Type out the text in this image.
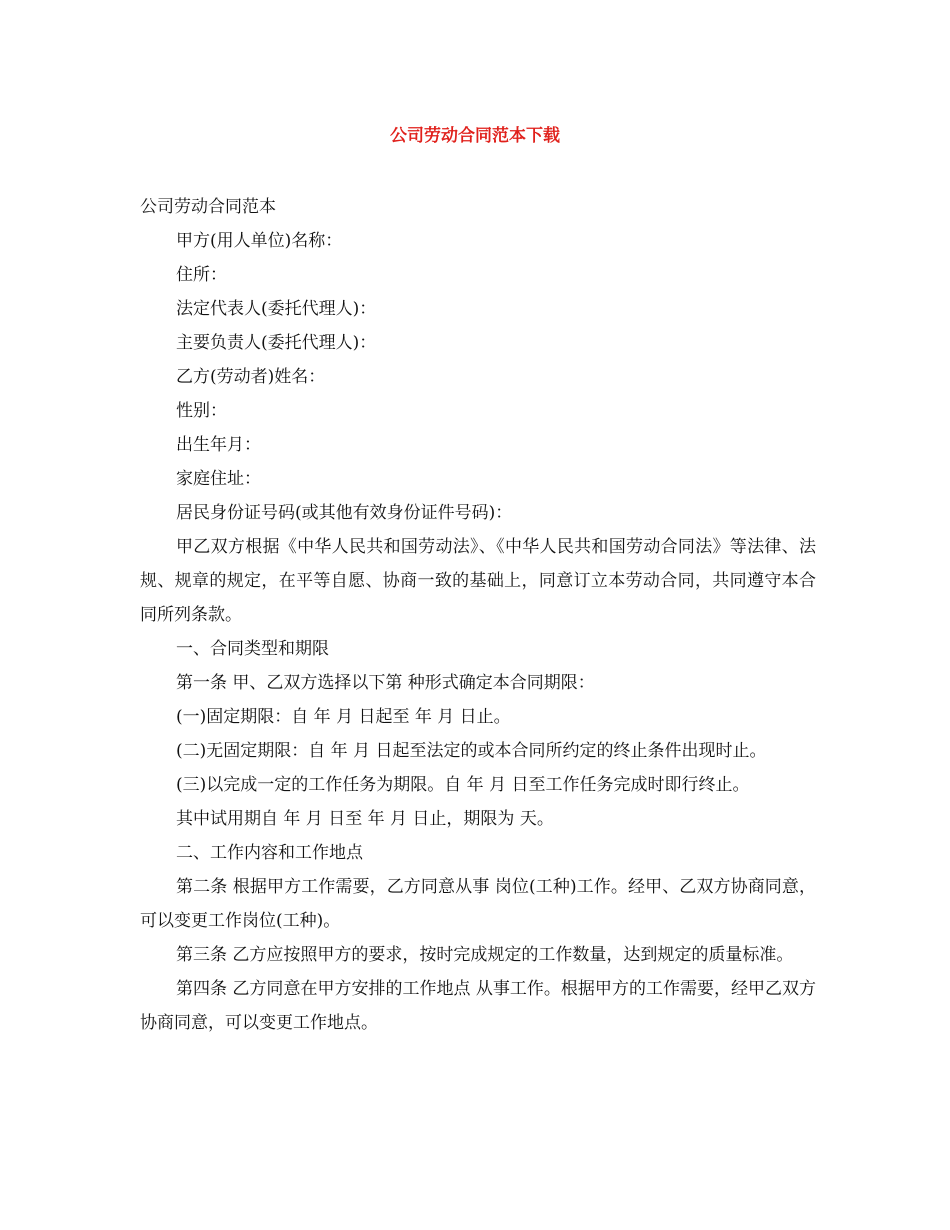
公司劳动合同范本下载

公司劳动合同范本

甲方(用人单位)名称：

住所：

法定代表人(委托代理人)：

主要负责人(委托代理人)：

乙方(劳动者)姓名：

性别：

出生年月：

家庭住址：

居民身份证号码(或其他有效身份证件号码)：

甲乙双方根据《中华人民共和国劳动法》、《中华人民共和国劳动合同法》等法律、法规、规章的规定，在平等自愿、协商一致的基础上，同意订立本劳动合同，共同遵守本合同所列条款。

一、合同类型和期限

第一条 甲、乙双方选择以下第 种形式确定本合同期限：

(一)固定期限：自 年 月 日起至 年 月 日止。

(二)无固定期限：自 年 月 日起至法定的或本合同所约定的终止条件出现时止。

(三)以完成一定的工作任务为期限。自 年 月 日至工作任务完成时即行终止。

其中试用期自 年 月 日至 年 月 日止，期限为 天。

二、工作内容和工作地点

第二条 根据甲方工作需要，乙方同意从事 岗位(工种)工作。经甲、乙双方协商同意，可以变更工作岗位(工种)。

第三条 乙方应按照甲方的要求，按时完成规定的工作数量，达到规定的质量标准。

第四条 乙方同意在甲方安排的工作地点 从事工作。根据甲方的工作需要，经甲乙双方协商同意，可以变更工作地点。
